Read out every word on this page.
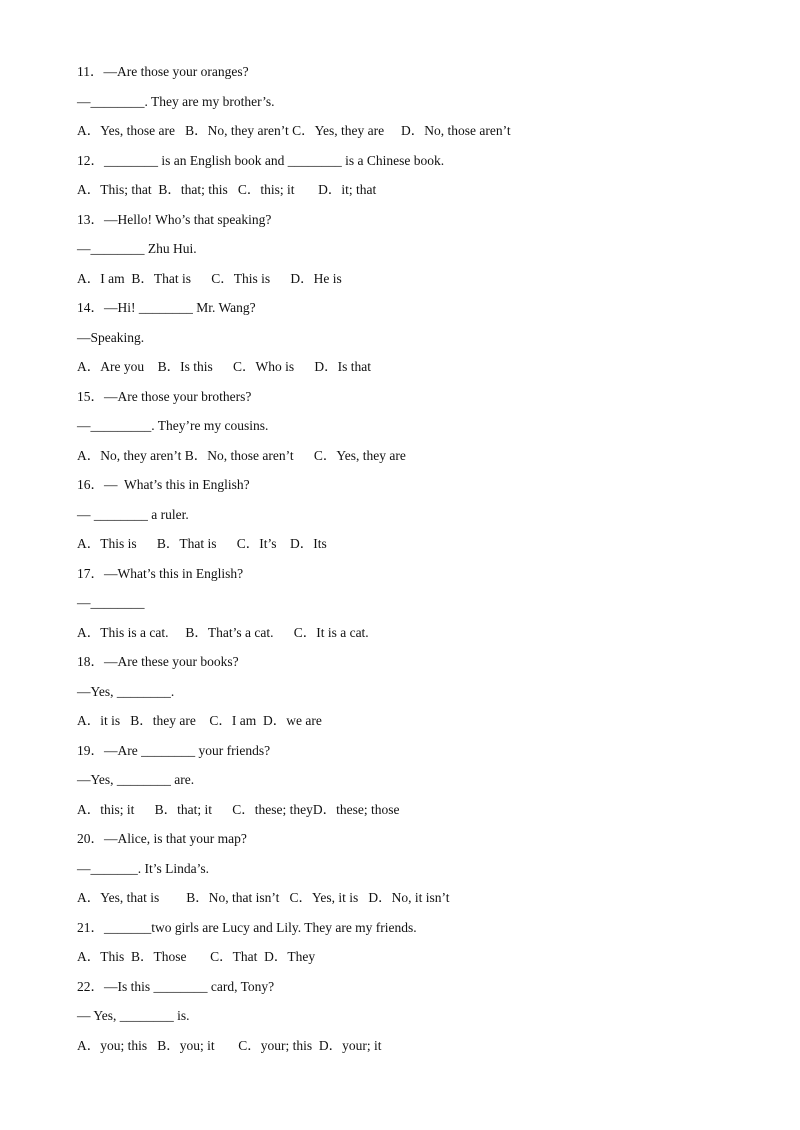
11．—Are those your oranges?
—________. They are my brother’s.
A．Yes, those are   B．No, they aren’t C．Yes, they are     D．No, those aren’t
12．________ is an English book and ________ is a Chinese book.
A．This; that  B．that; this   C．this; it       D．it; that
13．—Hello! Who’s that speaking?
—________ Zhu Hui.
A．I am  B．That is      C．This is      D．He is
14．—Hi! ________ Mr. Wang?
—Speaking.
A．Are you    B．Is this      C．Who is      D．Is that
15．—Are those your brothers?
—_________. They’re my cousins.
A．No, they aren’t B．No, those aren’t      C．Yes, they are
16．—  What’s this in English?
— ________ a ruler.
A．This is      B．That is      C．It’s    D．Its
17．—What’s this in English?
—________
A．This is a cat.     B．That’s a cat.      C．It is a cat.
18．—Are these your books?
—Yes, ________.
A．it is   B．they are    C．I am  D．we are
19．—Are ________ your friends?
—Yes, ________ are.
A．this; it      B．that; it      C．these; theyD．these; those
20．—Alice, is that your map?
—_______. It’s Linda’s.
A．Yes, that is        B．No, that isn’t   C．Yes, it is   D．No, it isn’t
21．_______two girls are Lucy and Lily. They are my friends.
A．This  B．Those       C．That  D．They
22．—Is this ________ card, Tony?
— Yes, ________ is.
A．you; this   B．you; it       C．your; this  D．your; it
